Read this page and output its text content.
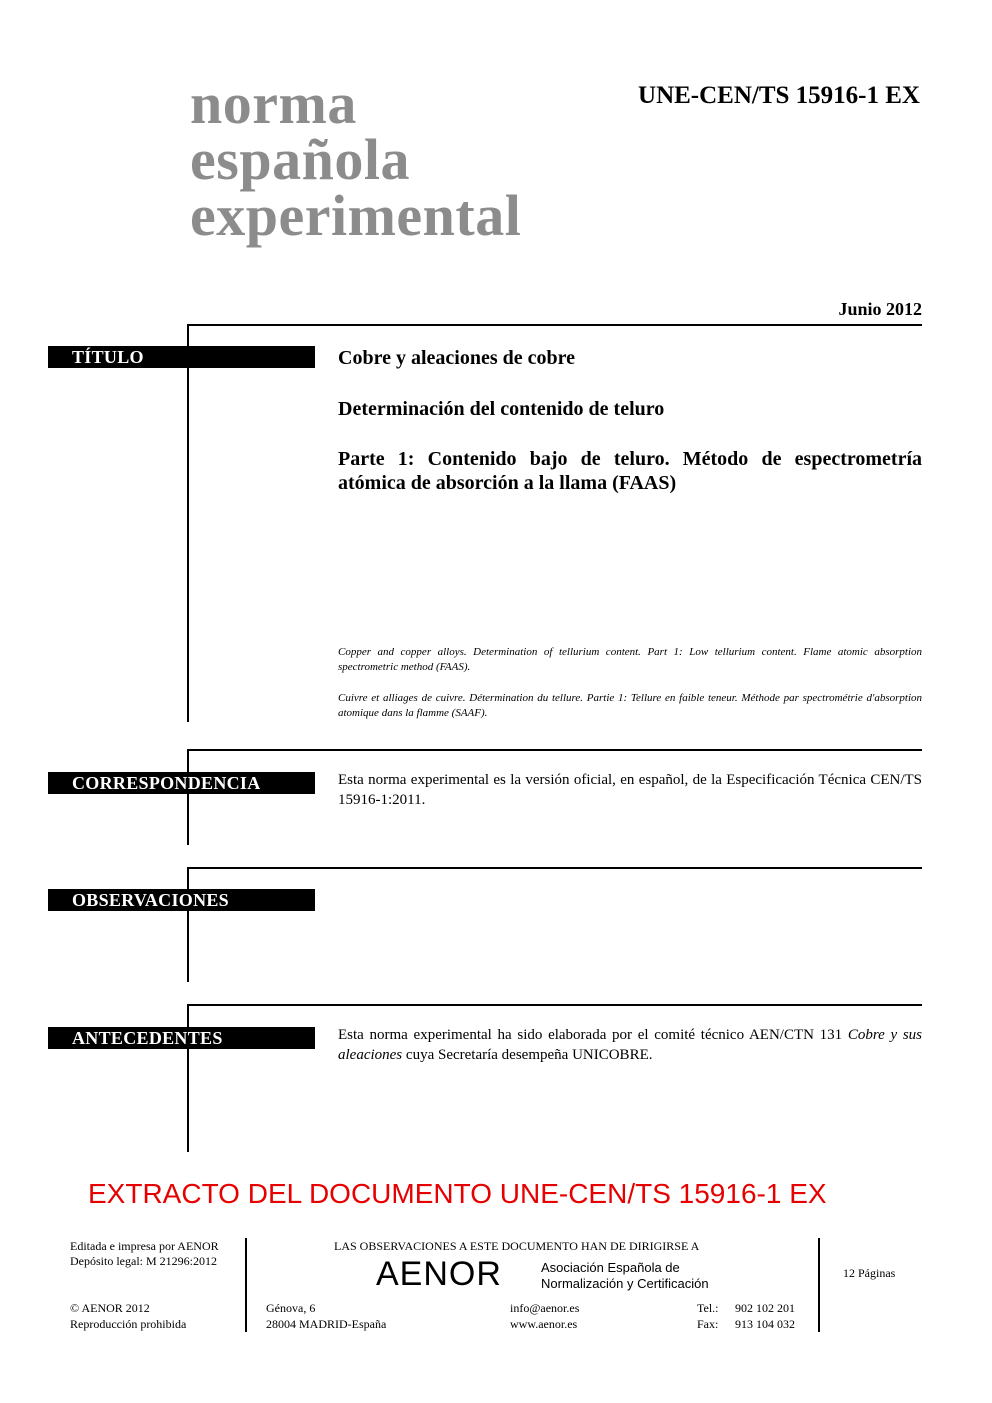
norma
española
experimental
UNE-CEN/TS 15916-1 EX
Junio 2012
TÍTULO	Cobre y aleaciones de cobre
Determinación del contenido de teluro
Parte 1: Contenido bajo de teluro. Método de espectrometría atómica de absorción a la llama (FAAS)
Copper and copper alloys. Determination of tellurium content. Part 1: Low tellurium content. Flame atomic absorption spectrometric method (FAAS).
Cuivre et alliages de cuivre. Détermination du tellure. Partie 1: Tellure en faible teneur. Méthode par spectrométrie d'absorption atomique dans la flamme (SAAF).
CORRESPONDENCIA	Esta norma experimental es la versión oficial, en español, de la Especificación Técnica CEN/TS 15916-1:2011.
OBSERVACIONES
ANTECEDENTES	Esta norma experimental ha sido elaborada por el comité técnico AEN/CTN 131 Cobre y sus aleaciones cuya Secretaría desempeña UNICOBRE.
EXTRACTO DEL DOCUMENTO UNE-CEN/TS 15916-1 EX
Editada e impresa por AENOR
Depósito legal: M 21296:2012
© AENOR 2012
Reproducción prohibida
LAS OBSERVACIONES A ESTE DOCUMENTO HAN DE DIRIGIRSE A
AENOR	Asociación Española de
Normalización y Certificación
Génova, 6
28004 MADRID-España
info@aenor.es
www.aenor.es
Tel.: 902 102 201
Fax: 913 104 032
12 Páginas
